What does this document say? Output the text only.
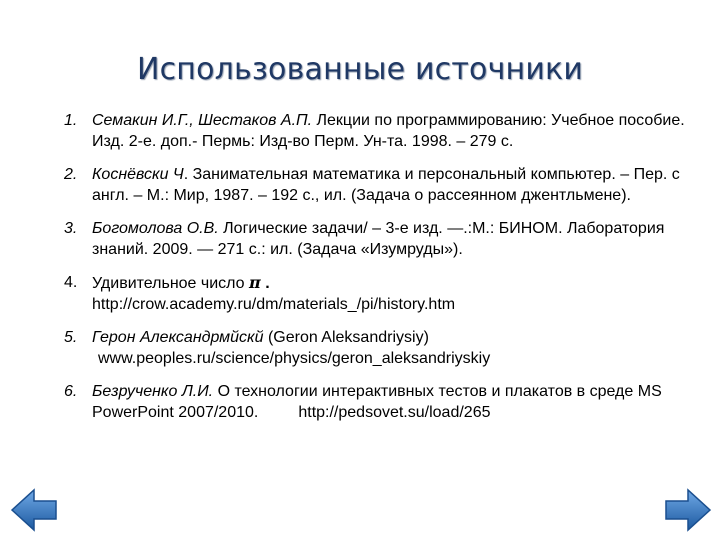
Использованные источники
1. Семакин И.Г., Шестаков А.П. Лекции по программированию: Учебное пособие. Изд. 2-е. доп.- Пермь: Изд-во Перм. Ун-та. 1998. – 279 с.
2. Коснёвски Ч. Занимательная математика и персональный компьютер. – Пер. с англ. – М.: Мир, 1987. – 192 с., ил. (Задача о рассеянном джентльмене).
3. Богомолова О.В. Логические задачи/ – 3-е изд. —.:М.: БИНОМ. Лаборатория знаний. 2009. — 271 с.: ил. (Задача «Изумруды»).
4. Удивительное число π .
http://crow.academy.ru/dm/materials_/pi/history.htm
5. Герон Александрмйскй (Geron Aleksandriysiy)
www.peoples.ru/science/physics/geron_aleksandriyskiy
6. Безрученко Л.И. О технологии интерактивных тестов и плакатов в среде MS PowerPoint 2007/2010.	http://pedsovet.su/load/265
